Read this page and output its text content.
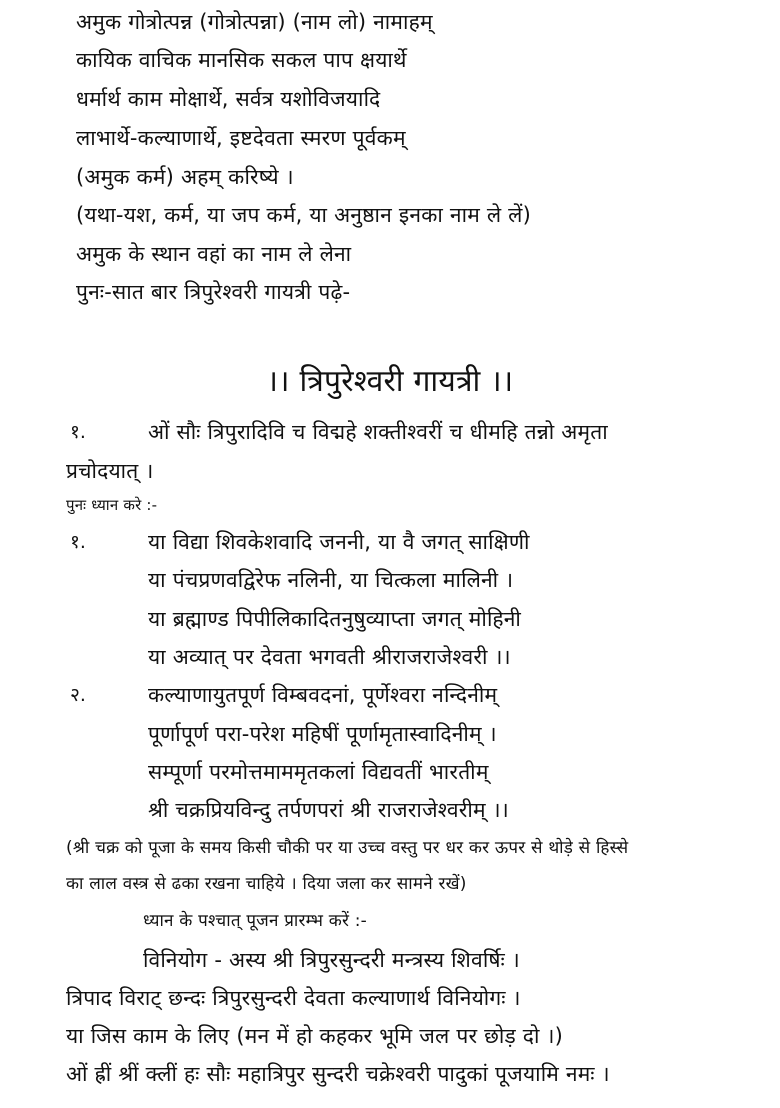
अमुक गोत्रोत्पन्न (गोत्रोत्पन्ना) (नाम लो) नामाहम्
कायिक वाचिक मानसिक सकल पाप क्षयार्थे
धर्मार्थ काम मोक्षार्थे, सर्वत्र यशोविजयादि
लाभार्थे-कल्याणार्थे, इष्टदेवता स्मरण पूर्वकम्
(अमुक कर्म) अहम् करिष्ये ।
(यथा-यश, कर्म, या जप कर्म, या अनुष्ठान इनका नाम ले लें)
अमुक के स्थान वहां का नाम ले लेना
पुनः-सात बार त्रिपुरेश्वरी गायत्री पढ़े-
।। त्रिपुरेश्वरी गायत्री ।।
१.	ओं सौः त्रिपुरादिवि च विद्महे शक्तीश्वरीं च धीमहि तन्नो अमृता
प्रचोदयात् ।
पुनः ध्यान करे :-
१.	या विद्या शिवकेशवादि जननी, या वै जगत् साक्षिणी
या पंचप्रणवद्विरेफ नलिनी, या चित्कला मालिनी ।
या ब्रह्माण्ड पिपीलिकादितनुषुव्याप्ता जगत् मोहिनी
या अव्यात् पर देवता भगवती श्रीराजराजेश्वरी ।।
२.	कल्याणायुतपूर्ण विम्बवदनां, पूर्णेश्वरा नन्दिनीम्
पूर्णापूर्ण परा-परेश महिषीं पूर्णामृतास्वादिनीम् ।
सम्पूर्णा परमोत्तमाममृतकलां विद्यवतीं भारतीम्
श्री चक्रप्रियविन्दु तर्पणपरां श्री राजराजेश्वरीम् ।।
(श्री चक्र को पूजा के समय किसी चौकी पर या उच्च वस्तु पर धर कर ऊपर से थोड़े से हिस्से
का लाल वस्त्र से ढका रखना चाहिये । दिया जला कर सामने रखें)
ध्यान के पश्चात् पूजन प्रारम्भ करें :-
विनियोग - अस्य श्री त्रिपुरसुन्दरी मन्त्रस्य शिवर्षिः ।
त्रिपाद विराट् छन्दः त्रिपुरसुन्दरी देवता कल्याणार्थ विनियोगः ।
या जिस काम के लिए (मन में हो कहकर भूमि जल पर छोड़ दो ।)
ओं ह्रीं श्रीं क्लीं हः सौः महात्रिपुर सुन्दरी चक्रेश्वरी पादुकां पूजयामि नमः ।
